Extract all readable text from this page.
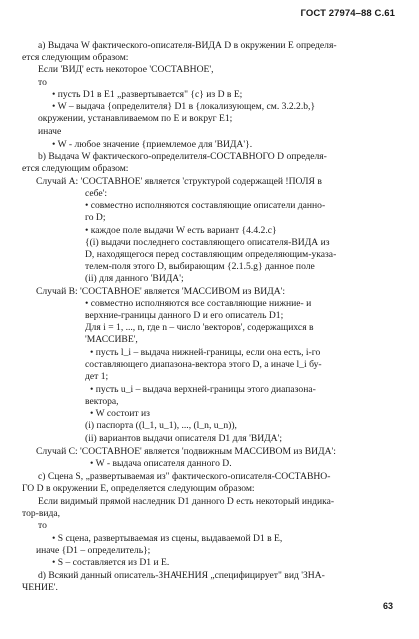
ГОСТ 27974–88 С.61
a) Выдача W фактического-описателя-ВИДА D в окружении Е определя-
ется следующим образом:
Если 'ВИД' есть некоторое 'СОСТАВНОЕ',
то
• пусть D1 в E1 „развертывается" {c} из D в E;
• W – выдача {определителя} D1 в {локализующем, см. 3.2.2.b,}
окружении, устанавливаемом по E и вокруг E1;
иначе
• W - любое значение {приемлемое для 'ВИДА'}.
b) Выдача W фактического-определителя-СОСТАВНОГО D определя-
ется следующим образом:
Случай A: 'СОСТАВНОЕ' является 'структурой содержащей !ПОЛЯ в
себе':
• совместно исполняются составляющие описатели данно-
го D;
• каждое поле выдачи W есть вариант {4.4.2.c}
{(i) выдачи последнего составляющего описателя-ВИДА из
D, находящегося перед составляющим определяющим-указа-
телем-поля этого D, выбирающим {2.1.5.g} данное поле
(ii) для данного 'ВИДА';
Случай B: 'СОСТАВНОЕ' является 'МАССИВОМ из ВИДА':
• совместно исполняются все составляющие нижние- и
верхние-границы данного D и его описатель D1;
Для i = 1, ..., n, где n – число 'векторов', содержащихся в
'МАССИВЕ',
• пусть l_i – выдача нижней-границы, если она есть, i-го
составляющего диапазона-вектора этого D, а иначе l_i бу-
дет 1;
• пусть u_i – выдача верхней-границы этого диапазона-
вектора,
• W состоит из
(i) паспорта ((l_1, u_1), ..., (l_n, u_n)),
(ii) вариантов выдачи описателя D1 для 'ВИДА';
Случай C: 'СОСТАВНОЕ' является 'подвижным МАССИВОМ из ВИДА':
• W - выдача описателя данного D.
c) Сцена S, „развертываемая из" фактического-описателя-СОСТАВНО-
ГО D в окружении E, определяется следующим образом:
Если видимый прямой наследник D1 данного D есть некоторый индика-
тор-вида,
то
• S сцена, развертываемая из сцены, выдаваемой D1 в E,
иначе {D1 – определитель};
• S – составляется из D1 и E.
d) Всякий данный описатель-ЗНАЧЕНИЯ „специфицирует" вид 'ЗНА-
ЧЕНИЕ'.
63
